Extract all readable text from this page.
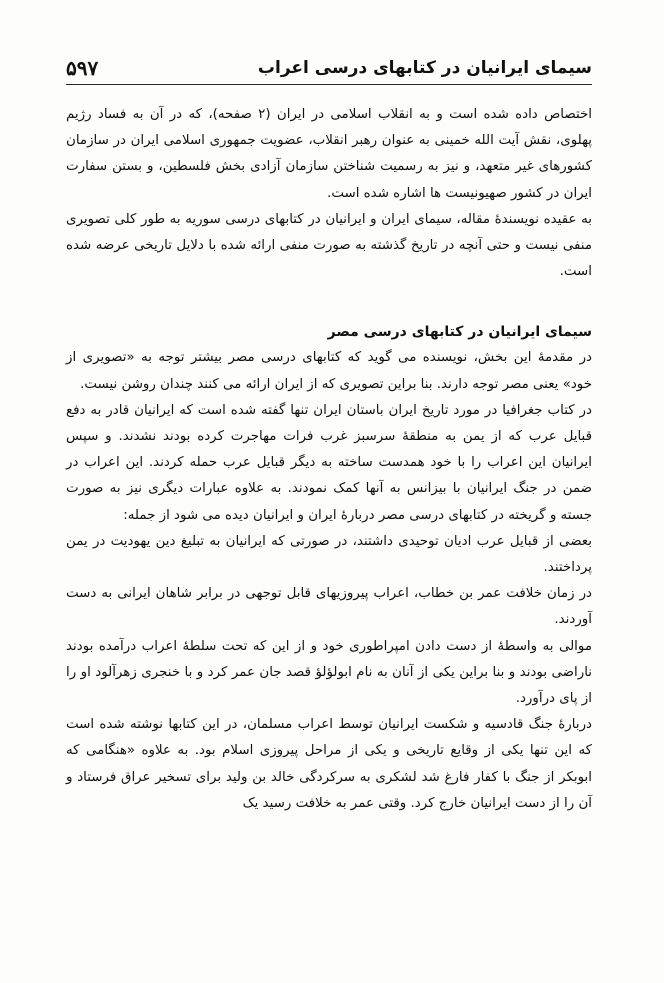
۵۹۷	سیمای ایرانیان در کتابهای درسی اعراب

اختصاص داده شده است و به انقلاب اسلامی در ایران (۲ صفحه)، که در آن به فساد رژیم پهلوی، نقش آیت الله خمینی به عنوان رهبر انقلاب، عضویت جمهوری اسلامی ایران در سازمان کشورهای غیر متعهد، و نیز به رسمیت شناختن سازمان آزادی بخش فلسطین، و بستن سفارت ایران در کشور صهیونیست ها اشاره شده است.

به عقیده نویسندهٔ مقاله، سیمای ایران و ایرانیان در کتابهای درسی سوریه به طور کلی تصویری منفی نیست و حتی آنچه در تاریخ گذشته به صورت منفی ارائه شده با دلایل تاریخی عرضه شده است.

سیمای ایرانیان در کتابهای درسی مصر

در مقدمهٔ این بخش، نویسنده می گوید که کتابهای درسی مصر بیشتر توجه به «تصویری از خود» یعنی مصر توجه دارند. بنا براین تصویری که از ایران ارائه می کنند چندان روشن نیست.

در کتاب جغرافیا در مورد تاریخ ایران باستان ایران تنها گفته شده است که ایرانیان قادر به دفع قبایل عرب که از یمن به منطقهٔ سرسبز غرب فرات مهاجرت کرده بودند نشدند. و سپس ایرانیان این اعراب را با خود همدست ساخته به دیگر قبایل عرب حمله کردند. این اعراب در ضمن در جنگ ایرانیان با بیزانس به آنها کمک نمودند. به علاوه عبارات دیگری نیز به صورت جسته و گریخته در کتابهای درسی مصر دربارهٔ ایران و ایرانیان دیده می شود از جمله:

بعضی از قبایل عرب ادیان توحیدی داشتند، در صورتی که ایرانیان به تبلیغ دین یهودیت در یمن پرداختند.

در زمان خلافت عمر بن خطاب، اعراب پیروزیهای قابل توجهی در برابر شاهان ایرانی به دست آوردند.

موالی به واسطهٔ از دست دادن امپراطوری خود و از این که تحت سلطهٔ اعراب درآمده بودند ناراضی بودند و بنا براین یکی از آنان به نام ابولؤلؤ قصد جان عمر کرد و با خنجری زهرآلود او را از پای درآورد.

دربارهٔ جنگ قادسیه و شکست ایرانیان توسط اعراب مسلمان، در این کتابها نوشته شده است که این تنها یکی از وقایع تاریخی و یکی از مراحل پیروزی اسلام بود. به علاوه «هنگامی که ابوبکر از جنگ با کفار فارغ شد لشکری به سرکردگی خالد بن ولید برای تسخیر عراق فرستاد و آن را از دست ایرانیان خارج کرد. وقتی عمر به خلافت رسید یک
